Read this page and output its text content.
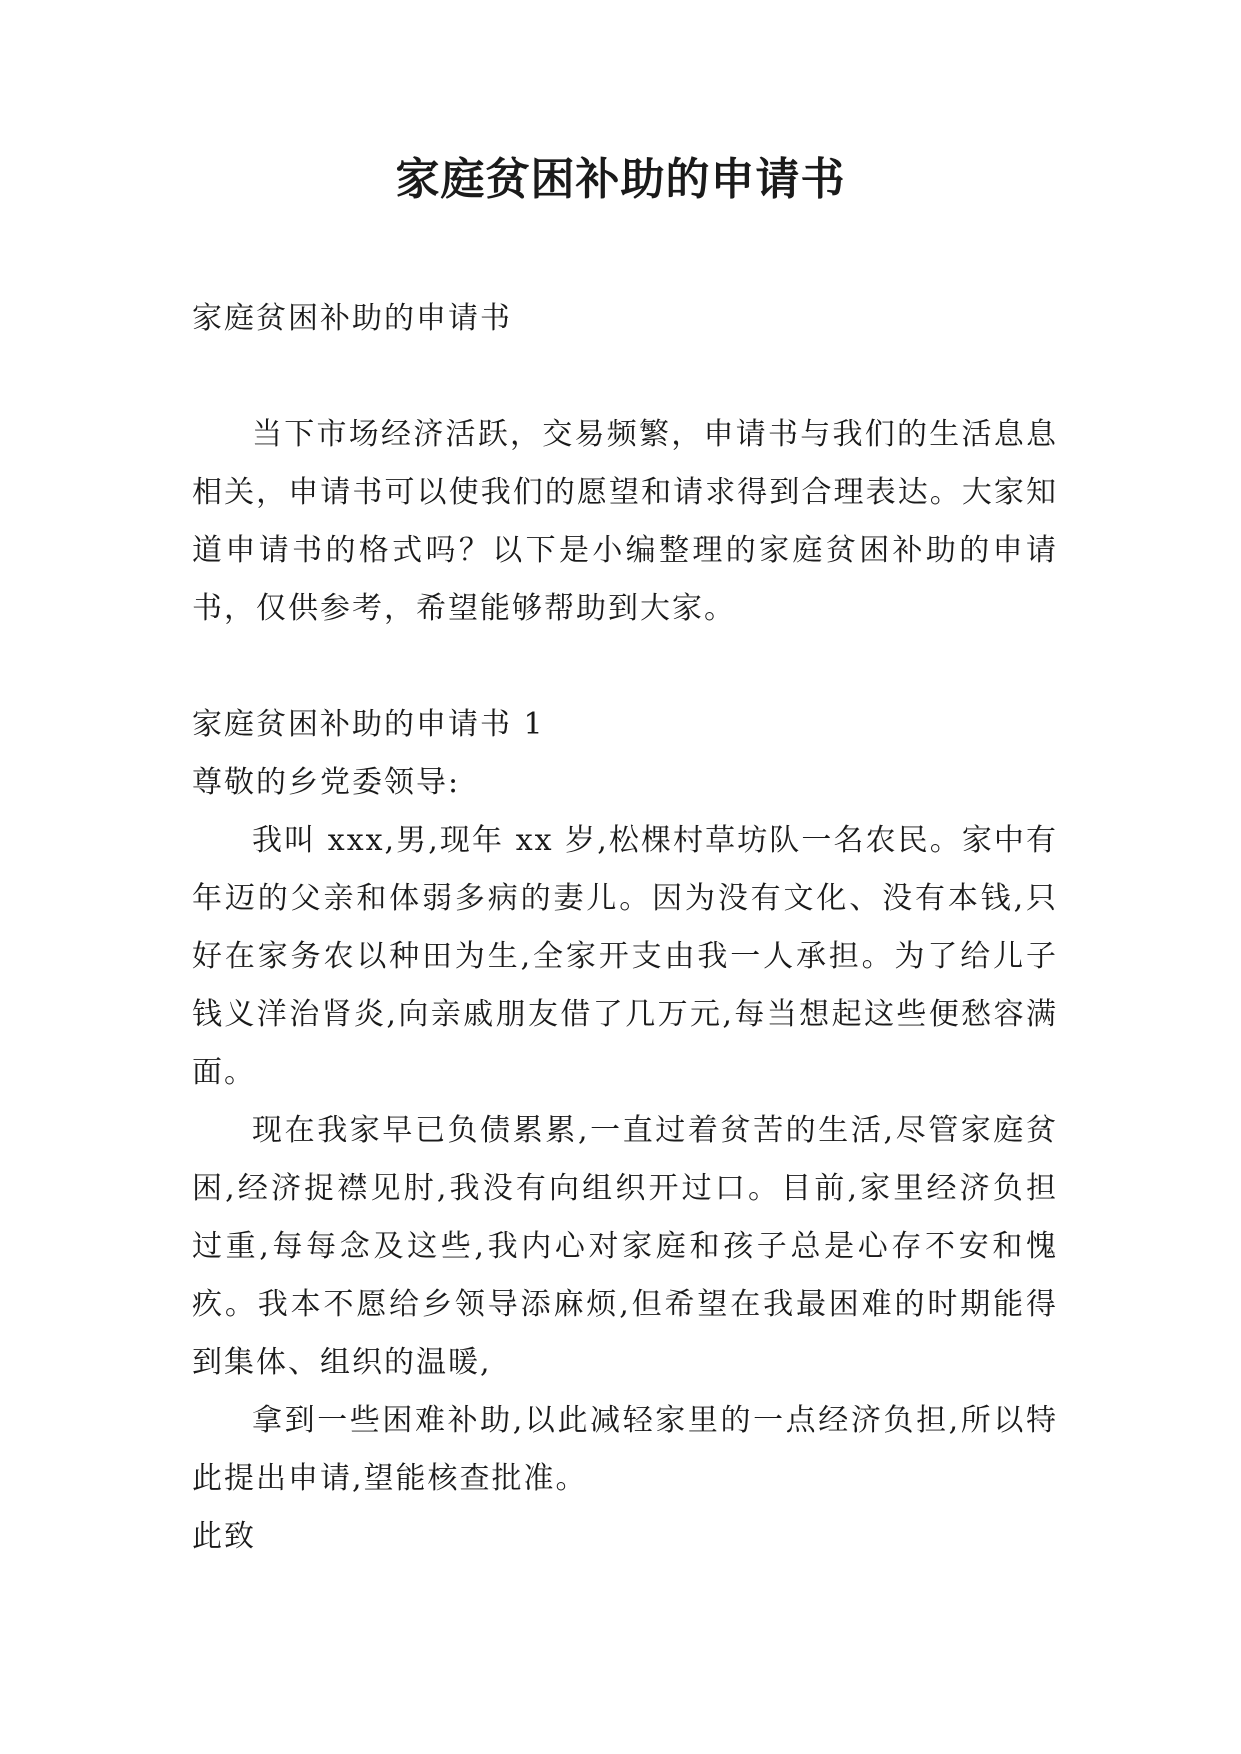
家庭贫困补助的申请书

家庭贫困补助的申请书

当下市场经济活跃，交易频繁，申请书与我们的生活息息相关，申请书可以使我们的愿望和请求得到合理表达。大家知道申请书的格式吗？以下是小编整理的家庭贫困补助的申请书，仅供参考，希望能够帮助到大家。

家庭贫困补助的申请书 1

尊敬的乡党委领导:

我叫 xxx,男,现年 xx 岁,松棵村草坊队一名农民。家中有年迈的父亲和体弱多病的妻儿。因为没有文化、没有本钱,只好在家务农以种田为生,全家开支由我一人承担。为了给儿子钱义洋治肾炎,向亲戚朋友借了几万元,每当想起这些便愁容满面。

现在我家早已负债累累,一直过着贫苦的生活,尽管家庭贫困,经济捉襟见肘,我没有向组织开过口。目前,家里经济负担过重,每每念及这些,我内心对家庭和孩子总是心存不安和愧疚。我本不愿给乡领导添麻烦,但希望在我最困难的时期能得到集体、组织的温暖,

拿到一些困难补助,以此减轻家里的一点经济负担,所以特此提出申请,望能核查批准。

此致
